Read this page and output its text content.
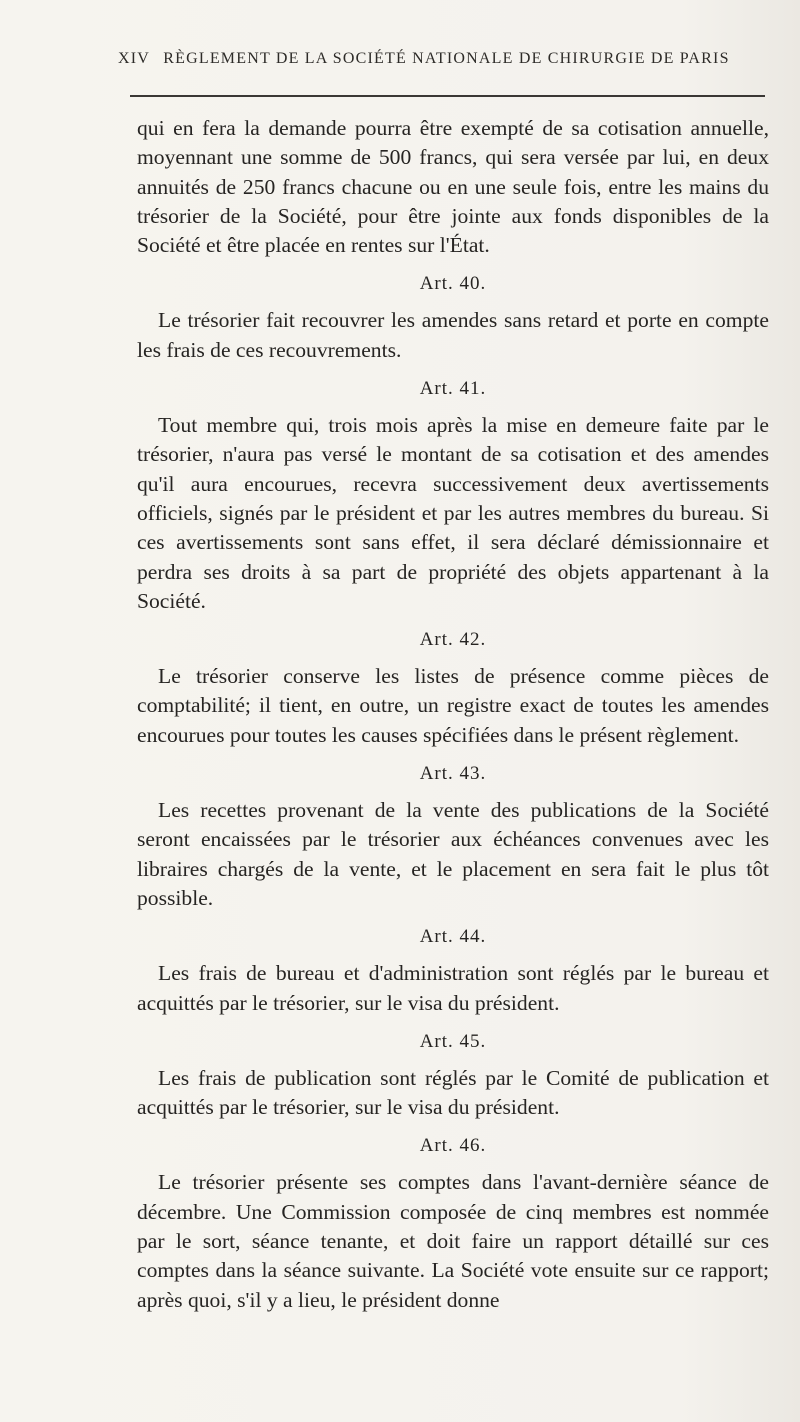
XIV RÈGLEMENT DE LA SOCIÉTÉ NATIONALE DE CHIRURGIE DE PARIS

qui en fera la demande pourra être exempté de sa cotisation annuelle, moyennant une somme de 500 francs, qui sera versée par lui, en deux annuités de 250 francs chacune ou en une seule fois, entre les mains du trésorier de la Société, pour être jointe aux fonds disponibles de la Société et être placée en rentes sur l'État.

Art. 40.

Le trésorier fait recouvrer les amendes sans retard et porte en compte les frais de ces recouvrements.

Art. 41.

Tout membre qui, trois mois après la mise en demeure faite par le trésorier, n'aura pas versé le montant de sa cotisation et des amendes qu'il aura encourues, recevra successivement deux avertissements officiels, signés par le président et par les autres membres du bureau. Si ces avertissements sont sans effet, il sera déclaré démissionnaire et perdra ses droits à sa part de propriété des objets appartenant à la Société.

Art. 42.

Le trésorier conserve les listes de présence comme pièces de comptabilité; il tient, en outre, un registre exact de toutes les amendes encourues pour toutes les causes spécifiées dans le présent règlement.

Art. 43.

Les recettes provenant de la vente des publications de la Société seront encaissées par le trésorier aux échéances convenues avec les libraires chargés de la vente, et le placement en sera fait le plus tôt possible.

Art. 44.

Les frais de bureau et d'administration sont réglés par le bureau et acquittés par le trésorier, sur le visa du président.

Art. 45.

Les frais de publication sont réglés par le Comité de publication et acquittés par le trésorier, sur le visa du président.

Art. 46.

Le trésorier présente ses comptes dans l'avant-dernière séance de décembre. Une Commission composée de cinq membres est nommée par le sort, séance tenante, et doit faire un rapport détaillé sur ces comptes dans la séance suivante. La Société vote ensuite sur ce rapport; après quoi, s'il y a lieu, le président donne
